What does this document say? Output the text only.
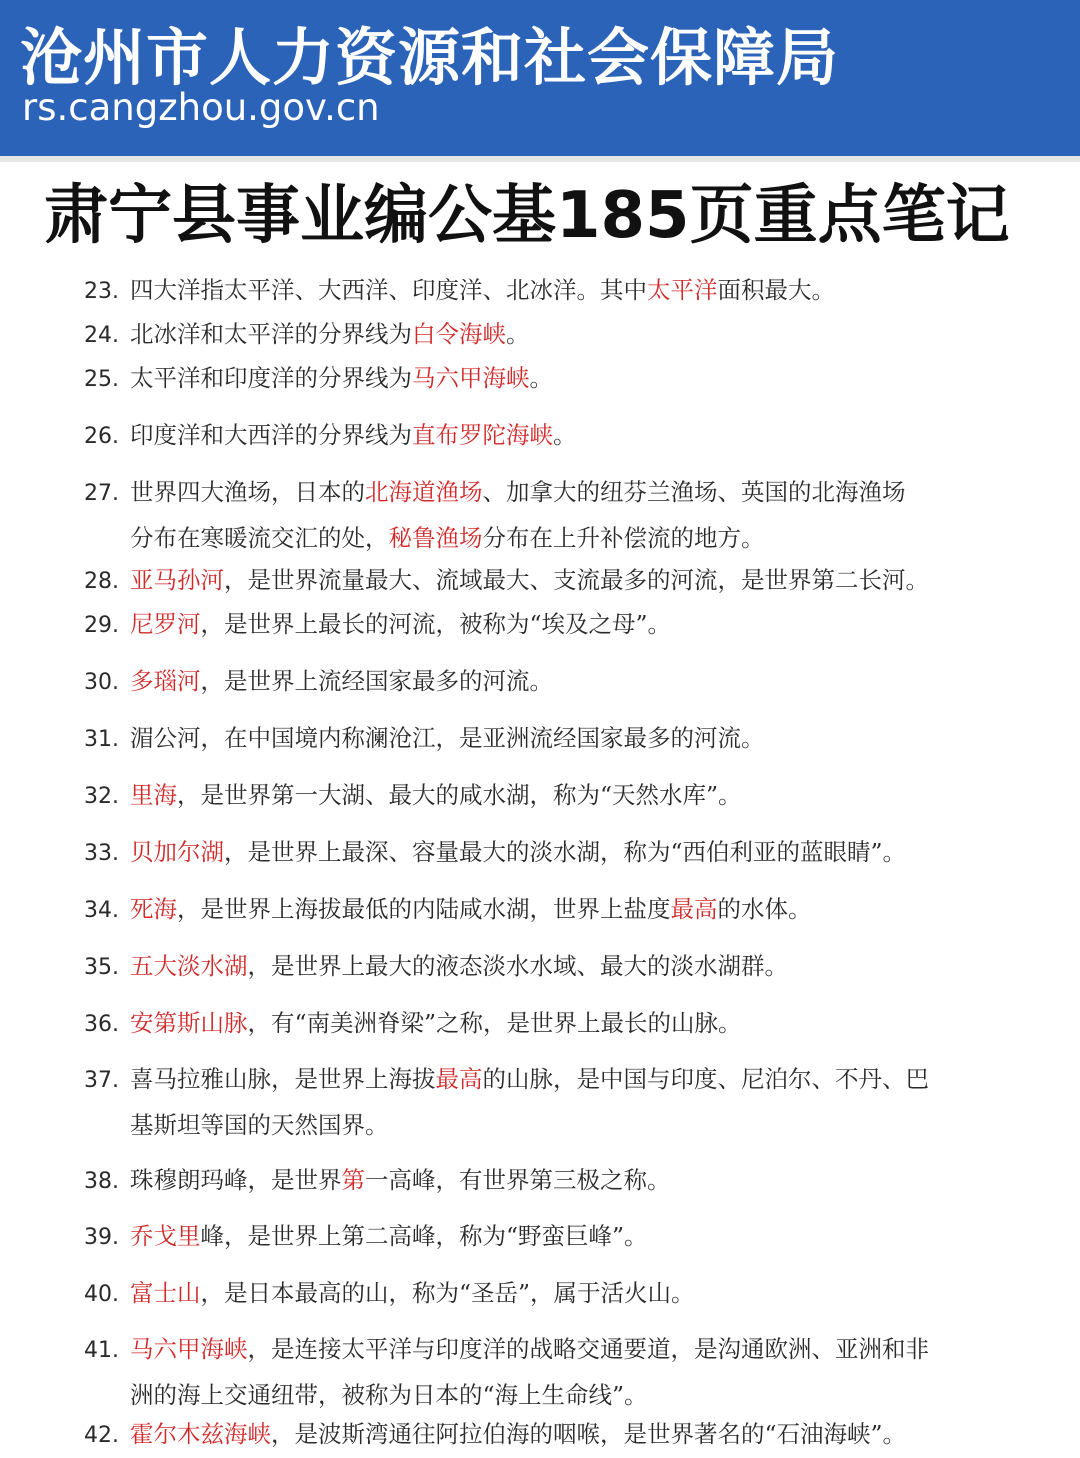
沧州市人力资源和社会保障局
rs.cangzhou.gov.cn
肃宁县事业编公基185页重点笔记
23. 四大洋指太平洋、大西洋、印度洋、北冰洋。其中太平洋面积最大。
24. 北冰洋和太平洋的分界线为白令海峡。
25. 太平洋和印度洋的分界线为马六甲海峡。
26. 印度洋和大西洋的分界线为直布罗陀海峡。
27. 世界四大渔场，日本的北海道渔场、加拿大的纽芬兰渔场、英国的北海渔场
分布在寒暖流交汇的处，秘鲁渔场分布在上升补偿流的地方。
28. 亚马孙河，是世界流量最大、流域最大、支流最多的河流，是世界第二长河。
29. 尼罗河，是世界上最长的河流，被称为“埃及之母”。
30. 多瑙河，是世界上流经国家最多的河流。
31. 湄公河，在中国境内称澜沧江，是亚洲流经国家最多的河流。
32. 里海，是世界第一大湖、最大的咸水湖，称为“天然水库”。
33. 贝加尔湖，是世界上最深、容量最大的淡水湖，称为“西伯利亚的蓝眼睛”。
34. 死海，是世界上海拔最低的内陆咸水湖，世界上盐度最高的水体。
35. 五大淡水湖，是世界上最大的液态淡水水域、最大的淡水湖群。
36. 安第斯山脉，有“南美洲脊梁”之称，是世界上最长的山脉。
37. 喜马拉雅山脉，是世界上海拔最高的山脉，是中国与印度、尼泊尔、不丹、巴
基斯坦等国的天然国界。
38. 珠穆朗玛峰，是世界第一高峰，有世界第三极之称。
39. 乔戈里峰，是世界上第二高峰，称为“野蛮巨峰”。
40. 富士山，是日本最高的山，称为“圣岳”，属于活火山。
41. 马六甲海峡，是连接太平洋与印度洋的战略交通要道，是沟通欧洲、亚洲和非
洲的海上交通纽带，被称为日本的“海上生命线”。
42. 霍尔木兹海峡，是波斯湾通往阿拉伯海的咽喉，是世界著名的“石油海峡”。
